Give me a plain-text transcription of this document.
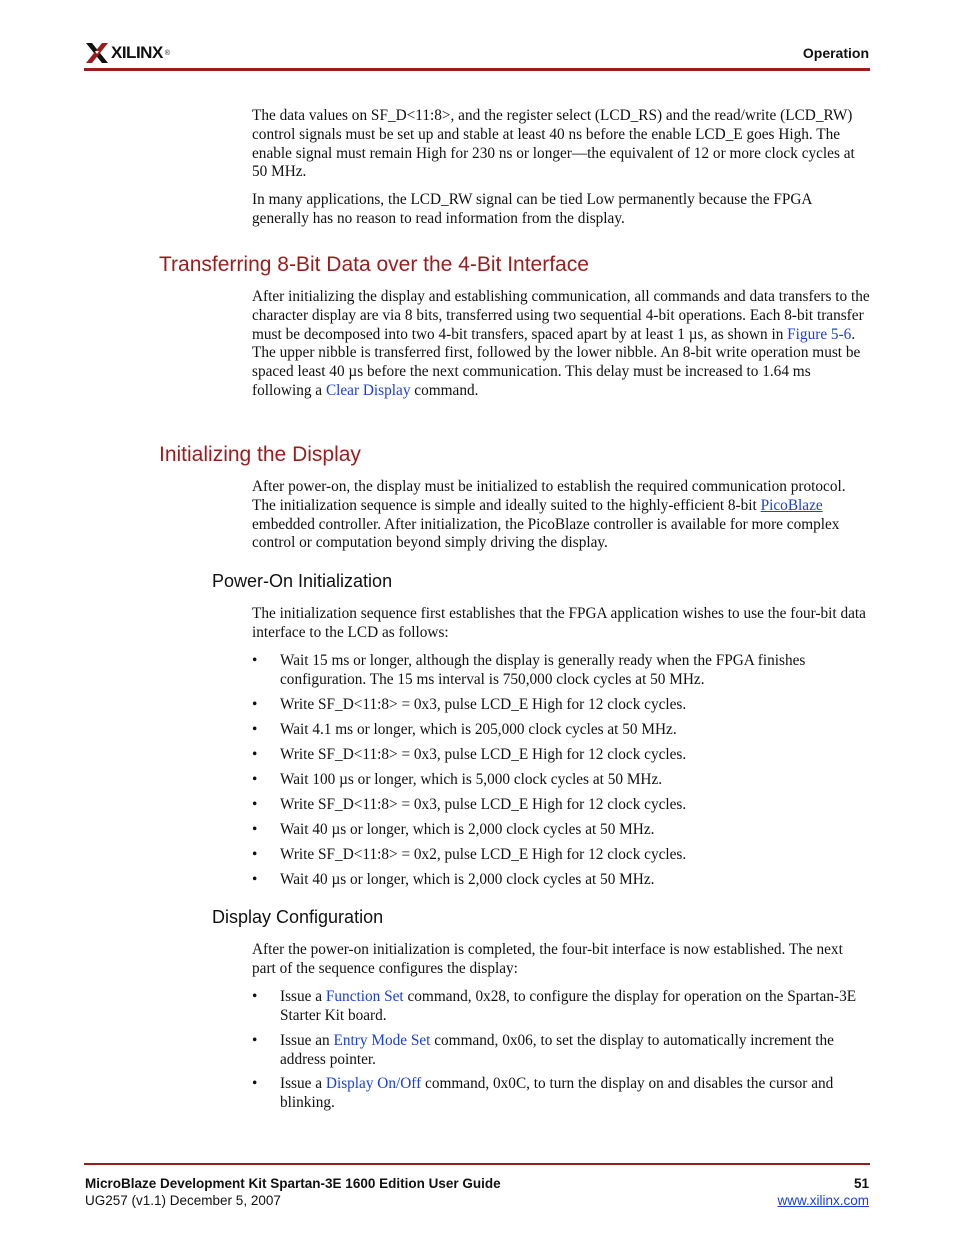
XILINX ®	Operation

The data values on SF_D<11:8>, and the register select (LCD_RS) and the read/write (LCD_RW) control signals must be set up and stable at least 40 ns before the enable LCD_E goes High. The enable signal must remain High for 230 ns or longer—the equivalent of 12 or more clock cycles at 50 MHz.

In many applications, the LCD_RW signal can be tied Low permanently because the FPGA generally has no reason to read information from the display.

Transferring 8-Bit Data over the 4-Bit Interface

After initializing the display and establishing communication, all commands and data transfers to the character display are via 8 bits, transferred using two sequential 4-bit operations. Each 8-bit transfer must be decomposed into two 4-bit transfers, spaced apart by at least 1 µs, as shown in Figure 5-6. The upper nibble is transferred first, followed by the lower nibble. An 8-bit write operation must be spaced least 40 µs before the next communication. This delay must be increased to 1.64 ms following a Clear Display command.

Initializing the Display

After power-on, the display must be initialized to establish the required communication protocol. The initialization sequence is simple and ideally suited to the highly-efficient 8-bit PicoBlaze embedded controller. After initialization, the PicoBlaze controller is available for more complex control or computation beyond simply driving the display.

Power-On Initialization

The initialization sequence first establishes that the FPGA application wishes to use the four-bit data interface to the LCD as follows:

• Wait 15 ms or longer, although the display is generally ready when the FPGA finishes configuration. The 15 ms interval is 750,000 clock cycles at 50 MHz.
• Write SF_D<11:8> = 0x3, pulse LCD_E High for 12 clock cycles.
• Wait 4.1 ms or longer, which is 205,000 clock cycles at 50 MHz.
• Write SF_D<11:8> = 0x3, pulse LCD_E High for 12 clock cycles.
• Wait 100 µs or longer, which is 5,000 clock cycles at 50 MHz.
• Write SF_D<11:8> = 0x3, pulse LCD_E High for 12 clock cycles.
• Wait 40 µs or longer, which is 2,000 clock cycles at 50 MHz.
• Write SF_D<11:8> = 0x2, pulse LCD_E High for 12 clock cycles.
• Wait 40 µs or longer, which is 2,000 clock cycles at 50 MHz.
Display Configuration

After the power-on initialization is completed, the four-bit interface is now established. The next part of the sequence configures the display:

• Issue a Function Set command, 0x28, to configure the display for operation on the Spartan-3E Starter Kit board.
• Issue an Entry Mode Set command, 0x06, to set the display to automatically increment the address pointer.
• Issue a Display On/Off command, 0x0C, to turn the display on and disables the cursor and blinking.
MicroBlaze Development Kit Spartan-3E 1600 Edition User Guide
UG257 (v1.1) December 5, 2007
51
www.xilinx.com
